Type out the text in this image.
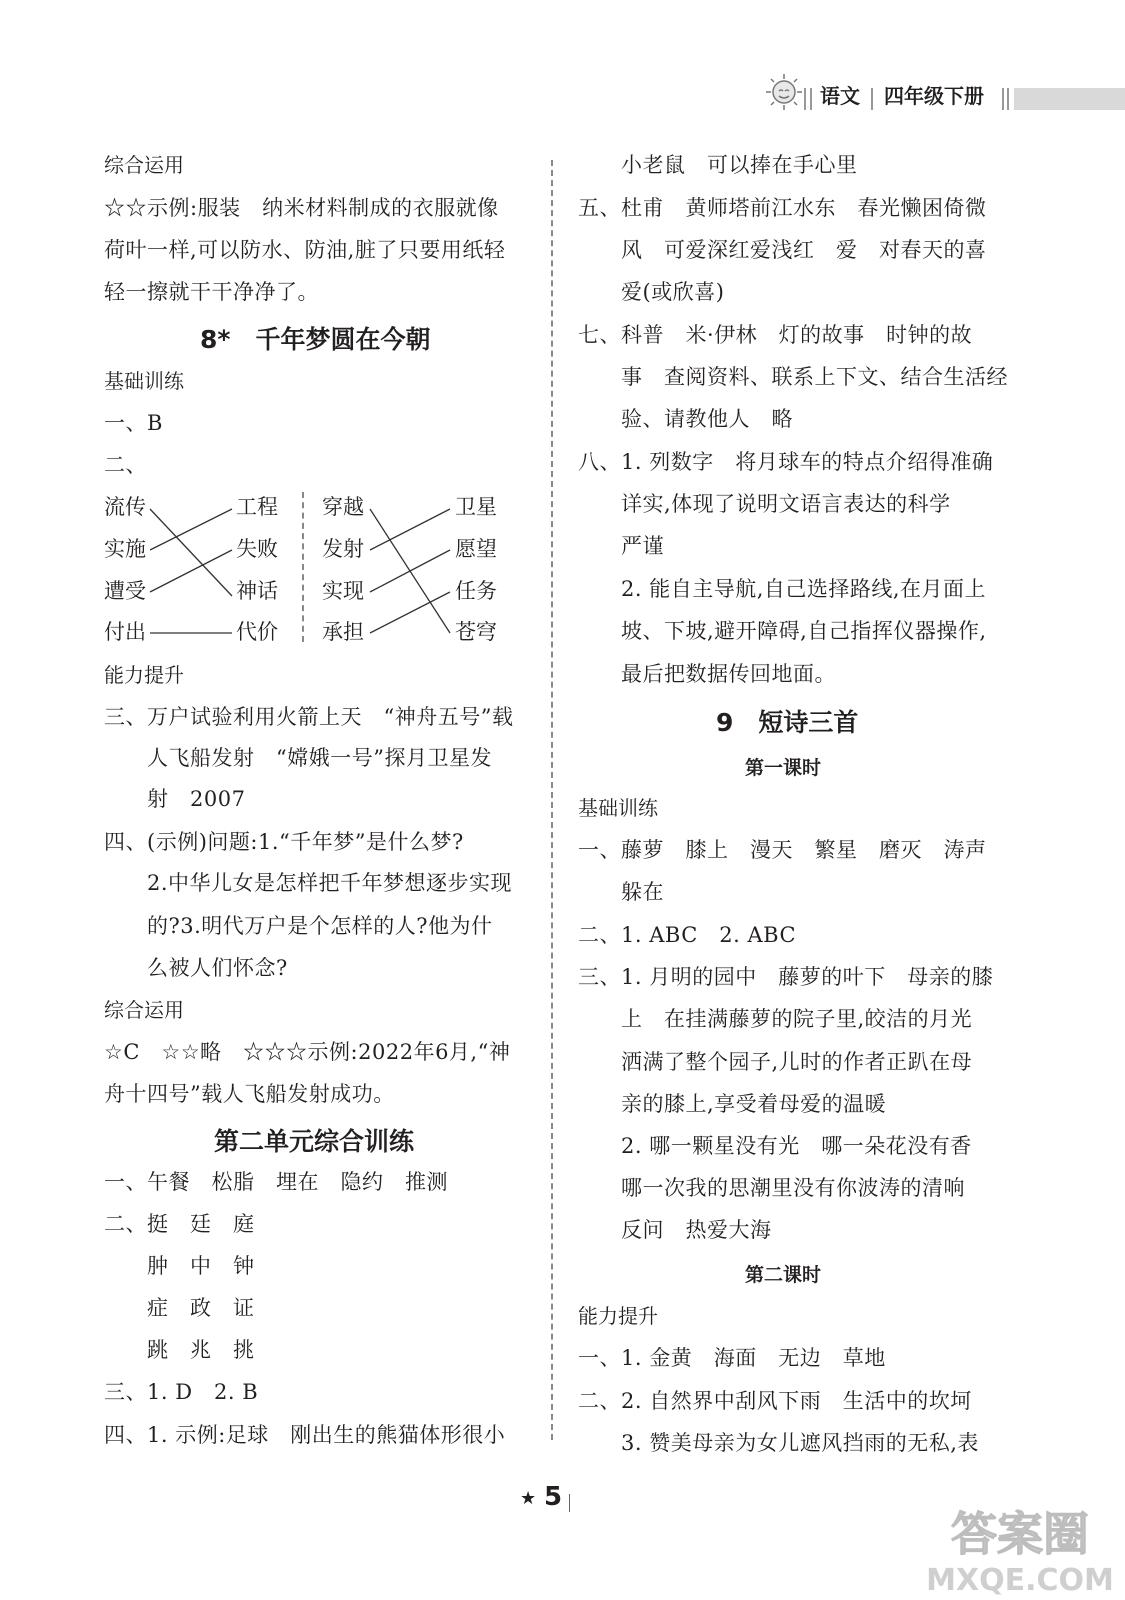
语文 四年级下册
综合运用
☆☆示例:服装　纳米材料制成的衣服就像
荷叶一样,可以防水、防油,脏了只要用纸轻
轻一擦就干干净净了。
8*　千年梦圆在今朝
基础训练
一、B
二、
流传
实施
遭受
付出
工程
失败
神话
代价
穿越
发射
实现
承担
卫星
愿望
任务
苍穹
能力提升
三、万户试验利用火箭上天　“神舟五号”载
人飞船发射　“嫦娥一号”探月卫星发
射　2007
四、(示例)问题:1.“千年梦”是什么梦?
2.中华儿女是怎样把千年梦想逐步实现
的?3.明代万户是个怎样的人?他为什
么被人们怀念?
综合运用
☆C　☆☆略　☆☆☆示例:2022年6月,“神
舟十四号”载人飞船发射成功。
第二单元综合训练
一、午餐　松脂　埋在　隐约　推测
二、挺　廷　庭
肿　中　钟
症　政　证
跳　兆　挑
三、1. D　2. B
四、1. 示例:足球　刚出生的熊猫体形很小
小老鼠　可以捧在手心里
五、杜甫　黄师塔前江水东　春光懒困倚微
风　可爱深红爱浅红　爱　对春天的喜
爱(或欣喜)
七、科普　米·伊林　灯的故事　时钟的故
事　查阅资料、联系上下文、结合生活经
验、请教他人　略
八、1. 列数字　将月球车的特点介绍得准确
详实,体现了说明文语言表达的科学
严谨
2. 能自主导航,自己选择路线,在月面上
坡、下坡,避开障碍,自己指挥仪器操作,
最后把数据传回地面。
9　短诗三首
第一课时
基础训练
一、藤萝　膝上　漫天　繁星　磨灭　涛声
躲在
二、1. ABC　2. ABC
三、1. 月明的园中　藤萝的叶下　母亲的膝
上　在挂满藤萝的院子里,皎洁的月光
洒满了整个园子,儿时的作者正趴在母
亲的膝上,享受着母爱的温暖
2. 哪一颗星没有光　哪一朵花没有香
哪一次我的思潮里没有你波涛的清响
反问　热爱大海
第二课时
能力提升
一、1. 金黄　海面　无边　草地
二、2. 自然界中刮风下雨　生活中的坎坷
3. 赞美母亲为女儿遮风挡雨的无私,表
★ 5
答案圈
MXQE.COM
